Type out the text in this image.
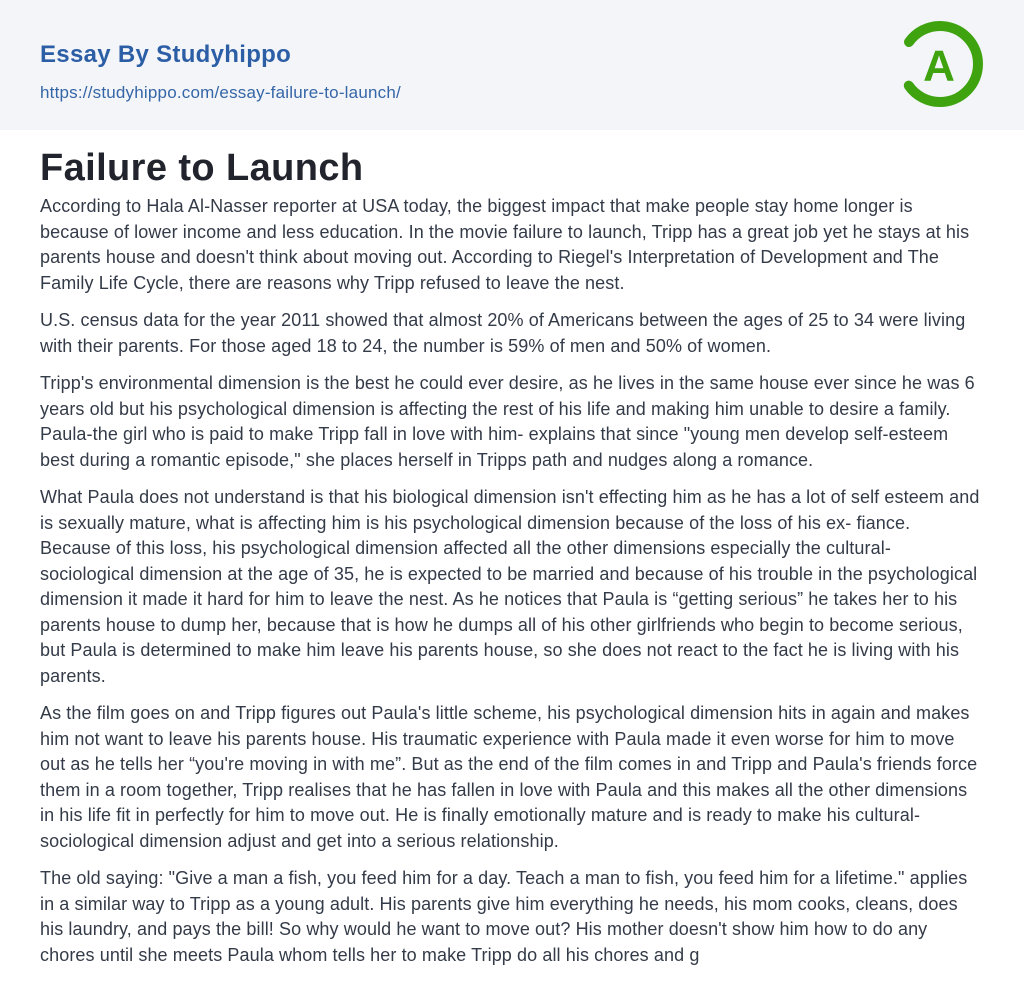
Essay By Studyhippo
https://studyhippo.com/essay-failure-to-launch/
A
Failure to Launch

According to Hala Al-Nasser reporter at USA today, the biggest impact that make people stay home longer is because of lower income and less education. In the movie failure to launch, Tripp has a great job yet he stays at his parents house and doesn't think about moving out. According to Riegel's Interpretation of Development and The Family Life Cycle, there are reasons why Tripp refused to leave the nest.

U.S. census data for the year 2011 showed that almost 20% of Americans between the ages of 25 to 34 were living with their parents. For those aged 18 to 24, the number is 59% of men and 50% of women.

Tripp's environmental dimension is the best he could ever desire, as he lives in the same house ever since he was 6 years old but his psychological dimension is affecting the rest of his life and making him unable to desire a family. Paula-the girl who is paid to make Tripp fall in love with him- explains that since "young men develop self-esteem best during a romantic episode," she places herself in Tripps path and nudges along a romance.

What Paula does not understand is that his biological dimension isn't effecting him as he has a lot of self esteem and is sexually mature, what is affecting him is his psychological dimension because of the loss of his ex- fiance. Because of this loss, his psychological dimension affected all the other dimensions especially the cultural-sociological dimension at the age of 35, he is expected to be married and because of his trouble in the psychological dimension it made it hard for him to leave the nest. As he notices that Paula is “getting serious” he takes her to his parents house to dump her, because that is how he dumps all of his other girlfriends who begin to become serious, but Paula is determined to make him leave his parents house, so she does not react to the fact he is living with his parents.

As the film goes on and Tripp figures out Paula's little scheme, his psychological dimension hits in again and makes him not want to leave his parents house. His traumatic experience with Paula made it even worse for him to move out as he tells her “you're moving in with me”. But as the end of the film comes in and Tripp and Paula's friends force them in a room together, Tripp realises that he has fallen in love with Paula and this makes all the other dimensions in his life fit in perfectly for him to move out. He is finally emotionally mature and is ready to make his cultural-sociological dimension adjust and get into a serious relationship.

The old saying: "Give a man a fish, you feed him for a day. Teach a man to fish, you feed him for a lifetime." applies in a similar way to Tripp as a young adult. His parents give him everything he needs, his mom cooks, cleans, does his laundry, and pays the bill! So why would he want to move out? His mother doesn't show him how to do any chores until she meets Paula whom tells her to make Tripp do all his chores and g
